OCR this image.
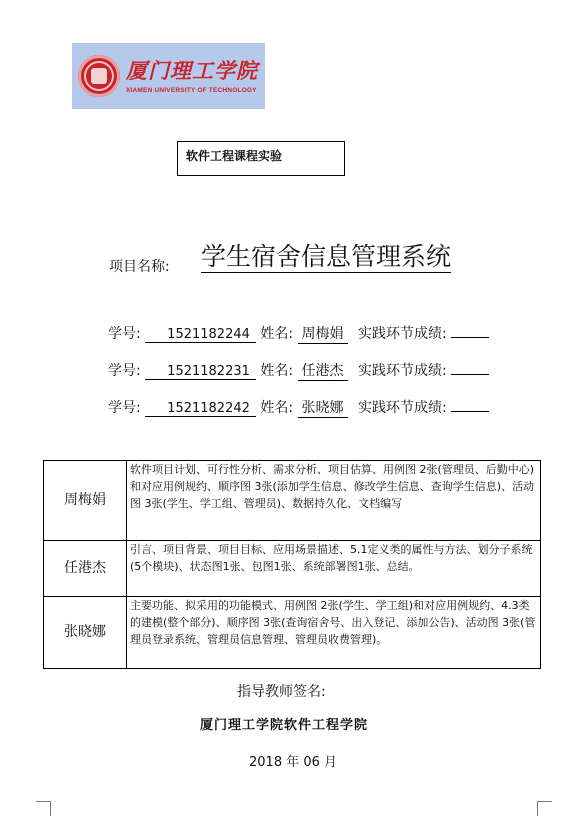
厦门理工学院
XIAMEN UNIVERSITY OF TECHNOLOGY
软件工程课程实验
项目名称: 学生宿舍信息管理系统
学号: 1521182244 姓名: 周梅娟 实践环节成绩:
学号: 1521182231 姓名: 任港杰 实践环节成绩:
学号: 1521182242 姓名: 张晓娜 实践环节成绩:
周梅娟	软件项目计划、可行性分析、需求分析、项目估算、用例图 2张(管理员、后勤中心)和对应用例规约、顺序图 3张(添加学生信息、修改学生信息、查询学生信息)、活动图 3张(学生、学工组、管理员)、数据持久化、文档编写
任港杰	引言、项目背景、项目目标、应用场景描述、5.1定义类的属性与方法、划分子系统(5个模块)、状态图1张、包图1张、系统部署图1张、总结。
张晓娜	主要功能、拟采用的功能模式、用例图 2张(学生、学工组)和对应用例规约、4.3类的建模(整个部分)、顺序图 3张(查询宿舍号、出入登记、添加公告)、活动图 3张(管理员登录系统、管理员信息管理、管理员收费管理)。
指导教师签名:
厦门理工学院软件工程学院
2018 年 06 月
